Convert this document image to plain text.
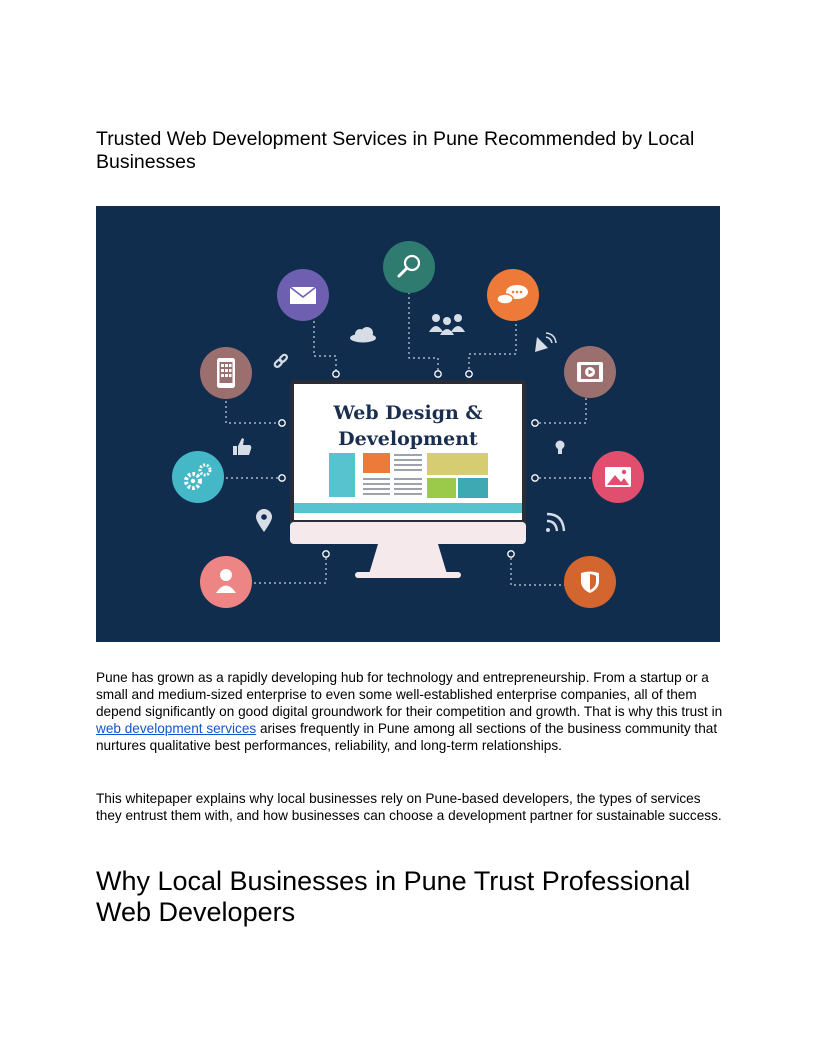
Trusted Web Development Services in Pune Recommended by Local Businesses
Web Design &
Development

Pune has grown as a rapidly developing hub for technology and entrepreneurship. From a startup or a small and medium-sized enterprise to even some well-established enterprise companies, all of them depend significantly on good digital groundwork for their competition and growth. That is why this trust in web development services arises frequently in Pune among all sections of the business community that nurtures qualitative best performances, reliability, and long-term relationships.

This whitepaper explains why local businesses rely on Pune-based developers, the types of services they entrust them with, and how businesses can choose a development partner for sustainable success.

Why Local Businesses in Pune Trust Professional Web Developers
